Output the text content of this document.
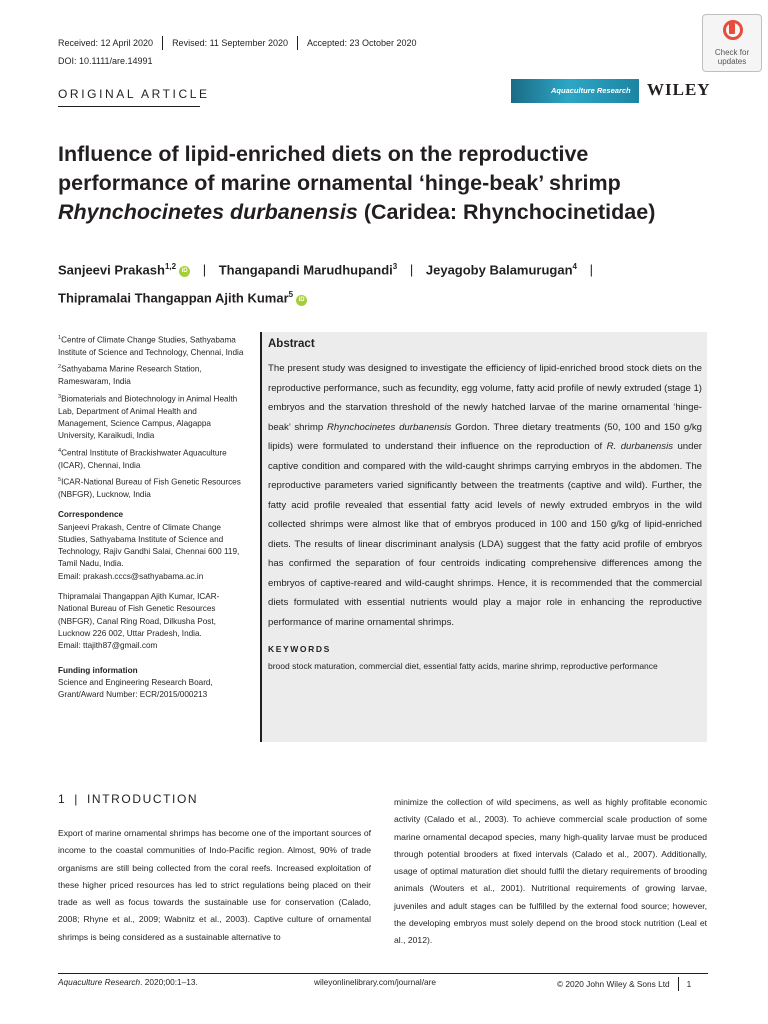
Received: 12 April 2020 Revised: 11 September 2020 Accepted: 23 October 2020
DOI: 10.1111/are.14991
ORIGINAL ARTICLE
Check for updates
Aquaculture Research WILEY
Influence of lipid-enriched diets on the reproductive
performance of marine ornamental ‘hinge-beak’ shrimp
Rhynchocinetes durbanensis (Caridea: Rhynchocinetidae)
Sanjeevi Prakash$^{1,2}$iD | Thangapandi Marudhupandi$^3$ | Jeyagoby Balamurugan$^4$ |
Thipramalai Thangappan Ajith Kumar$^5$iD

$^1$Centre of Climate Change Studies, Sathyabama Institute of Science and Technology, Chennai, India

$^2$Sathyabama Marine Research Station, Rameswaram, India

$^3$Biomaterials and Biotechnology in Animal Health Lab, Department of Animal Health and Management, Science Campus, Alagappa University, Karaikudi, India

$^4$Central Institute of Brackishwater Aquaculture (ICAR), Chennai, India

$^5$ICAR-National Bureau of Fish Genetic Resources (NBFGR), Lucknow, India

Correspondence

Sanjeevi Prakash, Centre of Climate Change Studies, Sathyabama Institute of Science and Technology, Rajiv Gandhi Salai, Chennai 600 119, Tamil Nadu, India.
Email: prakash.cccs@sathyabama.ac.in

Thipramalai Thangappan Ajith Kumar, ICAR-National Bureau of Fish Genetic Resources (NBFGR), Canal Ring Road, Dilkusha Post, Lucknow 226 002, Uttar Pradesh, India.
Email: ttajith87@gmail.com

Funding information

Science and Engineering Research Board, Grant/Award Number: ECR/2015/000213

Abstract

The present study was designed to investigate the efficiency of lipid-enriched brood stock diets on the reproductive performance, such as fecundity, egg volume, fatty acid profile of newly extruded (stage 1) embryos and the starvation threshold of the newly hatched larvae of the marine ornamental ‘hinge-beak’ shrimp Rhynchocinetes durbanensis Gordon. Three dietary treatments (50, 100 and 150 g/kg lipids) were formulated to understand their influence on the reproduction of R. durbanensis under captive condition and compared with the wild-caught shrimps carrying embryos in the abdomen. The reproductive parameters varied significantly between the treatments (captive and wild). Further, the fatty acid profile revealed that essential fatty acid levels of newly extruded embryos in the wild collected shrimps were almost like that of embryos produced in 100 and 150 g/kg of lipid-enriched diets. The results of linear discriminant analysis (LDA) suggest that the fatty acid profile of embryos has confirmed the separation of four centroids indicating comprehensive differences among the embryos of captive-reared and wild-caught shrimps. Hence, it is recommended that the commercial diets formulated with essential nutrients would play a major role in enhancing the reproductive performance of marine ornamental shrimps.

KEYWORDS

brood stock maturation, commercial diet, essential fatty acids, marine shrimp, reproductive performance

1 | INTRODUCTION
Export of marine ornamental shrimps has become one of the important sources of income to the coastal communities of Indo-Pacific region. Almost, 90% of trade organisms are still being collected from the coral reefs. Increased exploitation of these higher priced resources has led to strict regulations being placed on their trade as well as focus towards the sustainable use for conservation (Calado, 2008; Rhyne et al., 2009; Wabnitz et al., 2003). Captive culture of ornamental shrimps is being considered as a sustainable alternative to
minimize the collection of wild specimens, as well as highly profitable economic activity (Calado et al., 2003). To achieve commercial scale production of some marine ornamental decapod species, many high-quality larvae must be produced through potential brooders at fixed intervals (Calado et al., 2007). Additionally, usage of optimal maturation diet should fulfil the dietary requirements of brooding animals (Wouters et al., 2001). Nutritional requirements of growing larvae, juveniles and adult stages can be fulfilled by the external food source; however, the developing embryos must solely depend on the brood stock nutrition (Leal et al., 2012).
Aquaculture Research. 2020;00:1–13.	wileyonlinelibrary.com/journal/are	© 2020 John Wiley & Sons Ltd 1
